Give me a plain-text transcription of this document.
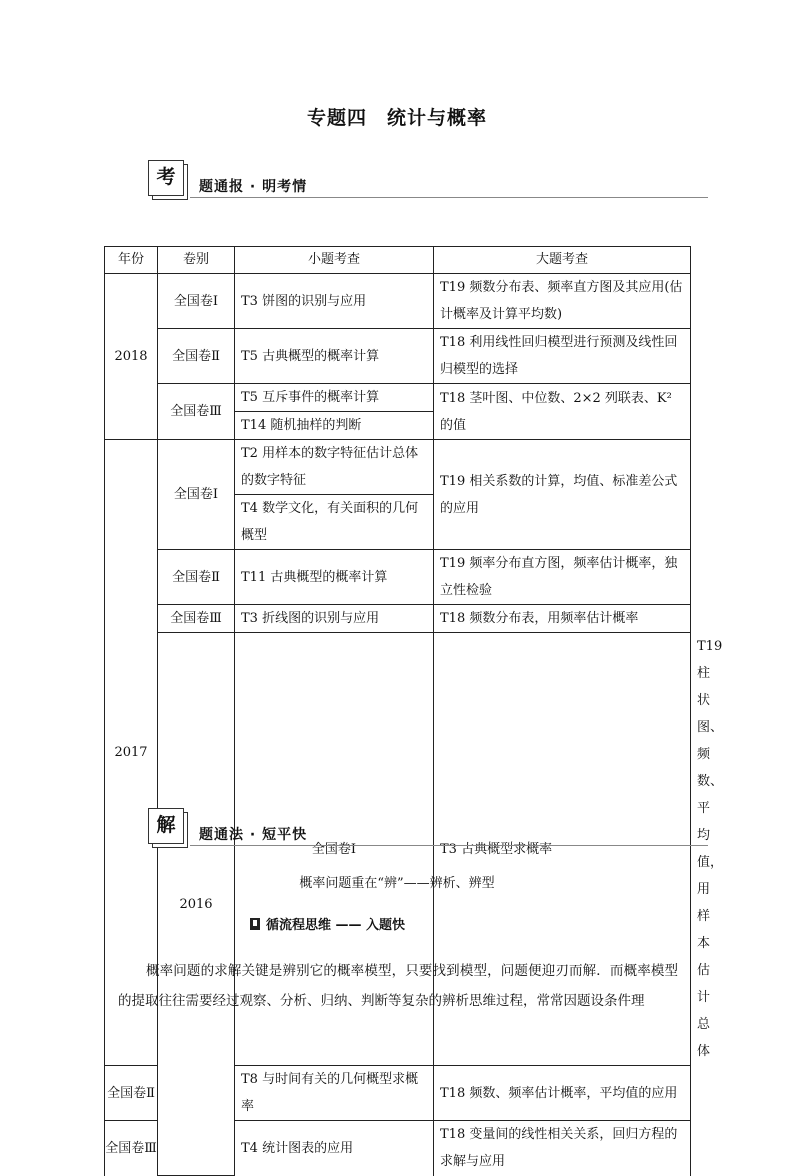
专题四　统计与概率
考	题通报 · 明考情
年份	卷别	小题考查	大题考查	
2018	全国卷Ⅰ	T3 饼图的识别与应用	T19 频数分布表、频率直方图及其应用(估计概率及计算平均数)	
	全国卷Ⅱ	T5 古典概型的概率计算	T18 利用线性回归模型进行预测及线性回归模型的选择	
	全国卷Ⅲ	T5 互斥事件的概率计算	T18 茎叶图、中位数、2×2 列联表、K² 的值	
		T14 随机抽样的判断		
2017	全国卷Ⅰ	T2 用样本的数字特征估计总体的数字特征	T19 相关系数的计算，均值、标准差公式的应用	
		T4 数学文化，有关面积的几何概型		
	全国卷Ⅱ	T11 古典概型的概率计算	T19 频率分布直方图，频率估计概率，独立性检验	
	全国卷Ⅲ	T3 折线图的识别与应用	T18 频数分布表，用频率估计概率	
	2016	全国卷Ⅰ	T3 古典概型求概率	T19 柱状图、频数、平均值，用样本估计总体
全国卷Ⅱ		T8 与时间有关的几何概型求概率	T18 频数、频率估计概率，平均值的应用	
全国卷Ⅲ		T4 统计图表的应用	T18 变量间的线性相关关系，回归方程的求解与应用	
解	题通法 · 短平快
概率问题重在“辨”——辨析、辨型
循流程思维 —— 入题快
概率问题的求解关键是辨别它的概率模型，只要找到模型，问题便迎刃而解．而概率模型的提取往往需要经过观察、分析、归纳、判断等复杂的辨析思维过程，常常因题设条件理
